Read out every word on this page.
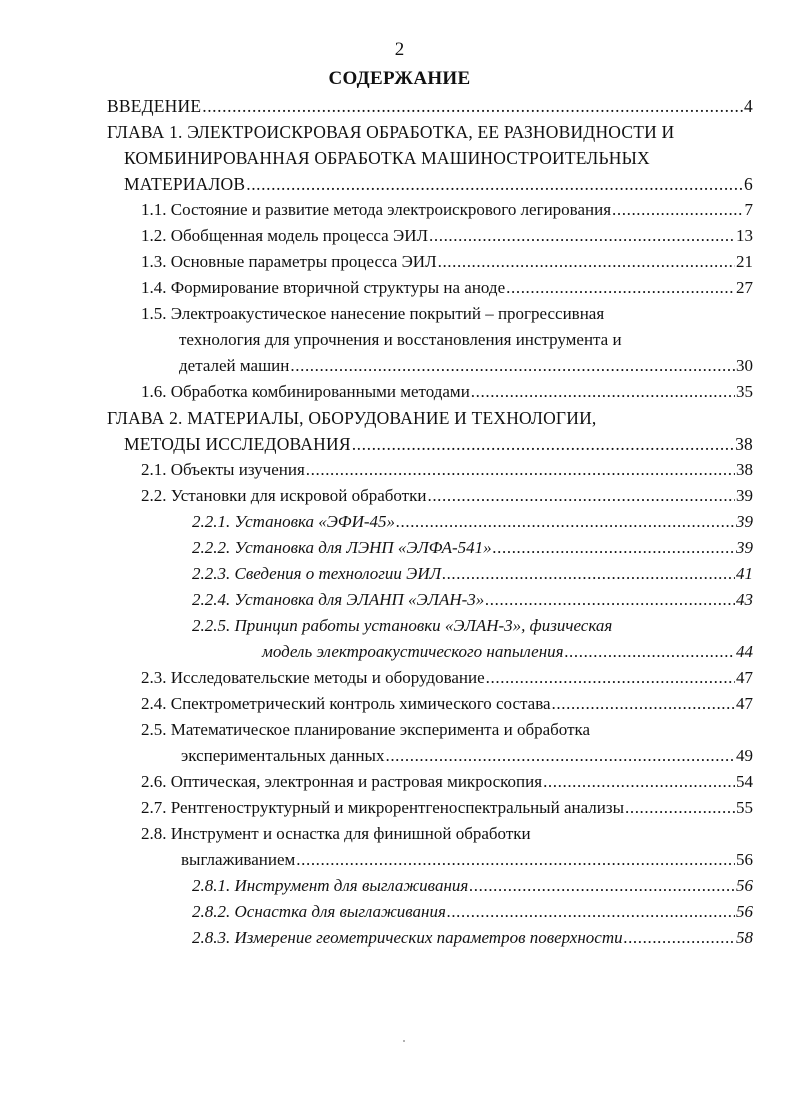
2
СОДЕРЖАНИЕ
ВВЕДЕНИЕ .....	4
ГЛАВА 1. ЭЛЕКТРОИСКРОВАЯ ОБРАБОТКА, ЕЕ РАЗНОВИДНОСТИ И
КОМБИНИРОВАННАЯ ОБРАБОТКА МАШИНОСТРОИТЕЛЬНЫХ
МАТЕРИАЛОВ .....	6
1.1. Состояние и развитие метода электроискрового легирования .....	7
1.2. Обобщенная модель процесса ЭИЛ .....	13
1.3. Основные параметры процесса ЭИЛ .....	21
1.4. Формирование вторичной структуры на аноде .....	27
1.5. Электроакустическое нанесение покрытий – прогрессивная
технология для упрочнения и восстановления инструмента и
деталей машин .....	30
1.6. Обработка комбинированными методами .....	35
ГЛАВА 2. МАТЕРИАЛЫ, ОБОРУДОВАНИЕ И ТЕХНОЛОГИИ,
МЕТОДЫ ИССЛЕДОВАНИЯ .....	38
2.1. Объекты изучения .....	38
2.2. Установки для искровой обработки .....	39
2.2.1. Установка «ЭФИ-45» .....	39
2.2.2. Установка для ЛЭНП «ЭЛФА-541» .....	39
2.2.3. Сведения о технологии ЭИЛ .....	41
2.2.4. Установка для ЭЛАНП «ЭЛАН-3» .....	43
2.2.5. Принцип работы установки «ЭЛАН-3», физическая
модель электроакустического напыления .....	44
2.3. Исследовательские методы и оборудование .....	47
2.4. Спектрометрический контроль химического состава .....	47
2.5. Математическое планирование эксперимента и обработка
экспериментальных данных .....	49
2.6. Оптическая, электронная и растровая микроскопия .....	54
2.7. Рентгеноструктурный и микрорентгеноспектральный анализы .....	55
2.8. Инструмент и оснастка для финишной обработки
выглаживанием .....	56
2.8.1. Инструмент для выглаживания .....	56
2.8.2. Оснастка для выглаживания .....	56
2.8.3. Измерение геометрических параметров поверхности .....	58
